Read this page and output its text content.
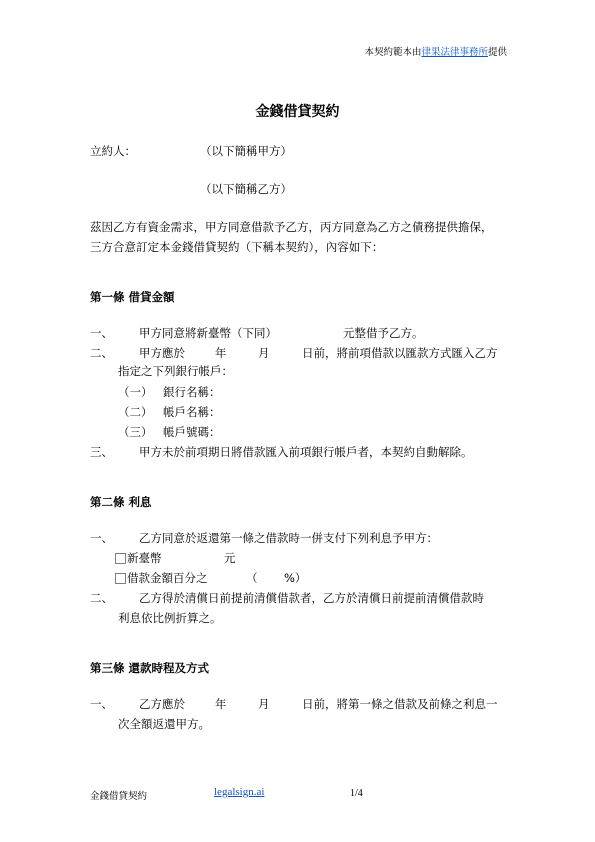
本契約範本由律果法律事務所提供
金錢借貸契約
立約人：	（以下簡稱甲方）
（以下簡稱乙方）
茲因乙方有資金需求，甲方同意借款予乙方，丙方同意為乙方之債務提供擔保，
三方合意訂定本金錢借貸契約（下稱本契約），內容如下：
第一條 借貸金額
一、 甲方同意將新臺幣（下同）	元整借予乙方。
二、 甲方應於	年	月	日前，將前項借款以匯款方式匯入乙方
指定之下列銀行帳戶：
（一） 銀行名稱：
（二） 帳戶名稱：
（三） 帳戶號碼：
三、 甲方未於前項期日將借款匯入前項銀行帳戶者，本契約自動解除。
第二條 利息
一、 乙方同意於返還第一條之借款時一併支付下列利息予甲方：
新臺幣	元
借款金額百分之	（ %）
二、 乙方得於清償日前提前清償借款者，乙方於清償日前提前清償借款時
利息依比例折算之。
第三條 還款時程及方式
一、 乙方應於	年	月	日前，將第一條之借款及前條之利息一
次全額返還甲方。
金錢借貸契約	legalsign.ai	1/4
